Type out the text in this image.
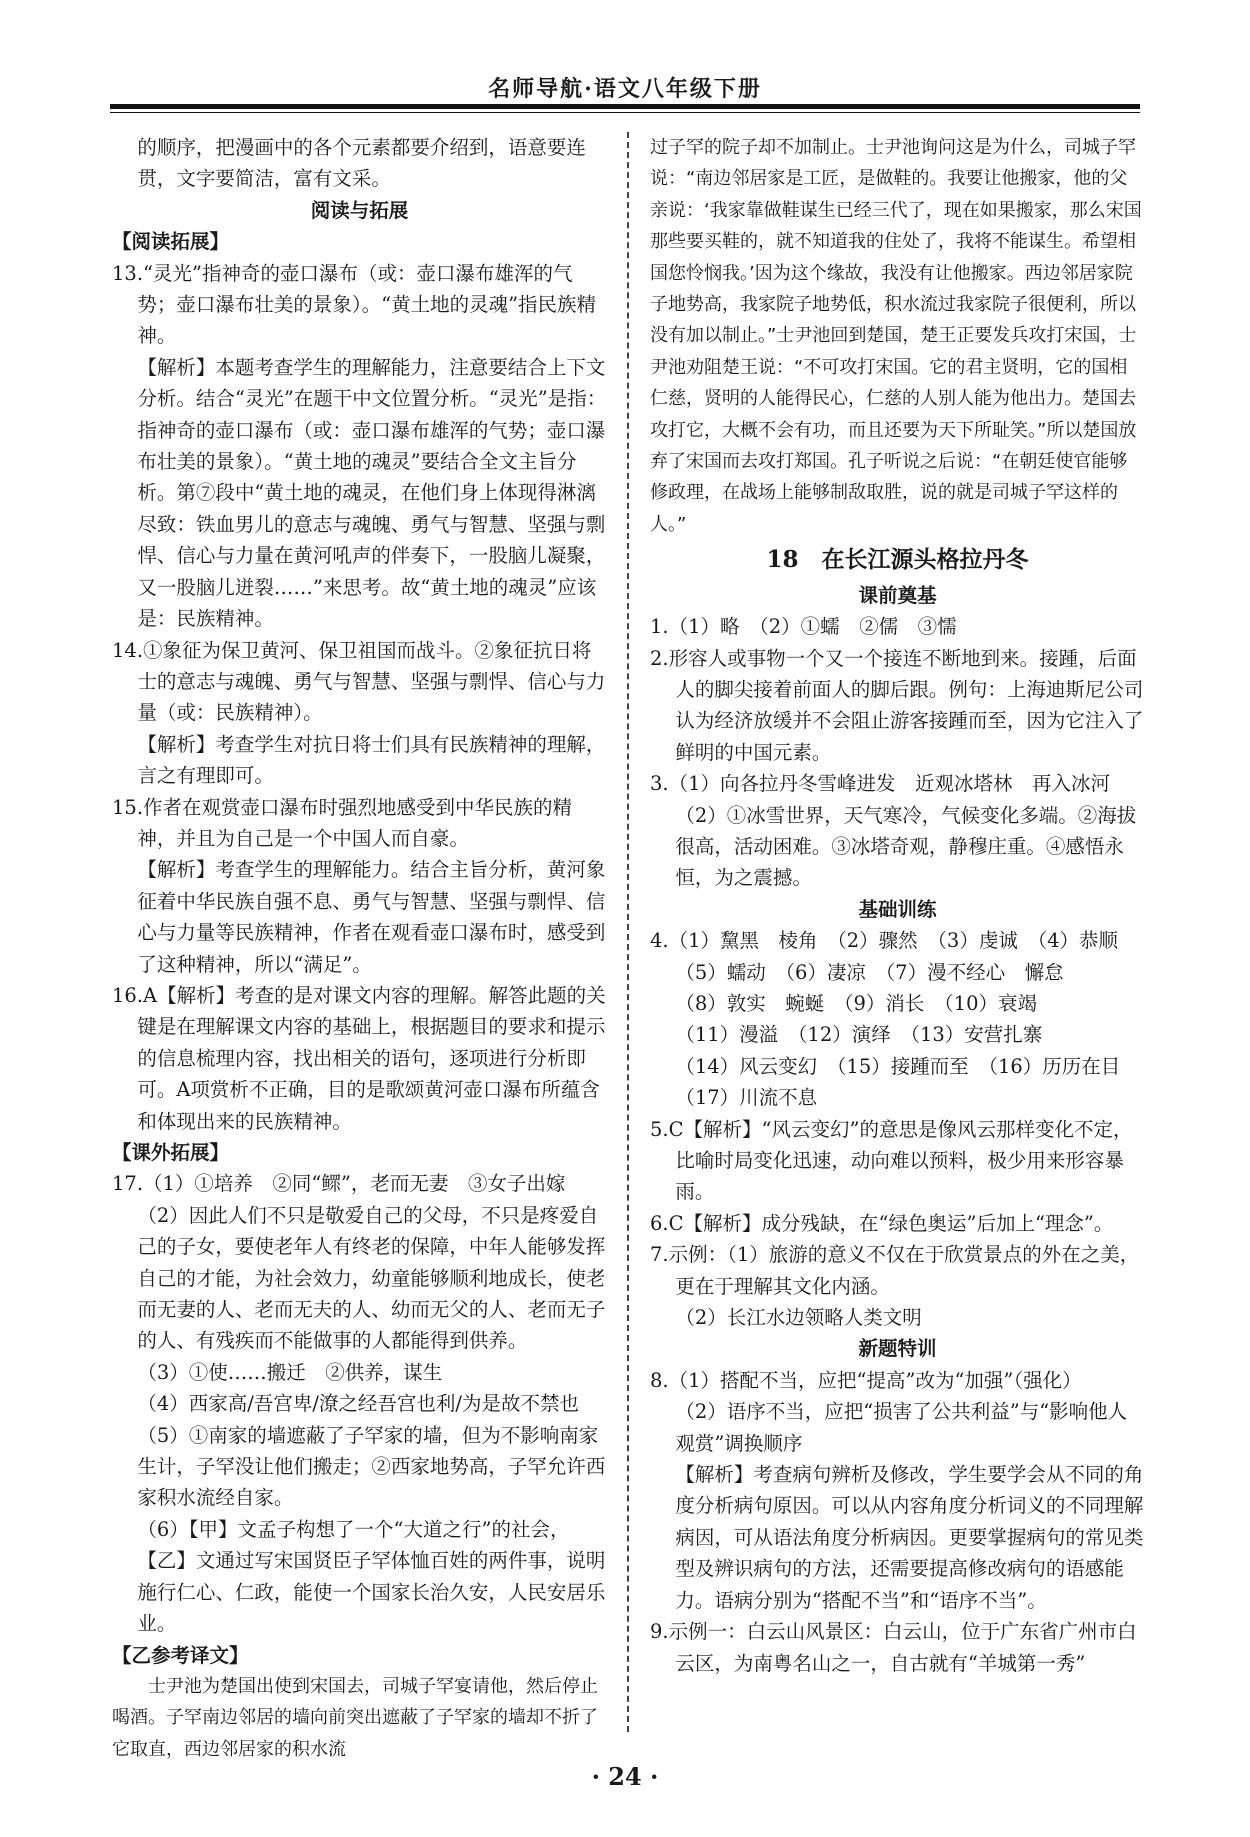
名师导航·语文八年级下册

的顺序，把漫画中的各个元素都要介绍到，语意要连贯，文字要简洁，富有文采。

阅读与拓展

【阅读拓展】

13.“灵光”指神奇的壶口瀑布（或：壶口瀑布雄浑的气势；壶口瀑布壮美的景象）。“黄土地的灵魂”指民族精神。

【解析】本题考查学生的理解能力，注意要结合上下文分析。结合“灵光”在题干中文位置分析。“灵光”是指：指神奇的壶口瀑布（或：壶口瀑布雄浑的气势；壶口瀑布壮美的景象）。“黄土地的魂灵”要结合全文主旨分析。第⑦段中“黄土地的魂灵，在他们身上体现得淋漓尽致：铁血男儿的意志与魂魄、勇气与智慧、坚强与剽悍、信心与力量在黄河吼声的伴奏下，一股脑儿凝聚，又一股脑儿迸裂……”来思考。故“黄土地的魂灵”应该是：民族精神。

14.①象征为保卫黄河、保卫祖国而战斗。②象征抗日将士的意志与魂魄、勇气与智慧、坚强与剽悍、信心与力量（或：民族精神）。

【解析】考查学生对抗日将士们具有民族精神的理解，言之有理即可。

15.作者在观赏壶口瀑布时强烈地感受到中华民族的精神，并且为自己是一个中国人而自豪。

【解析】考查学生的理解能力。结合主旨分析，黄河象征着中华民族自强不息、勇气与智慧、坚强与剽悍、信心与力量等民族精神，作者在观看壶口瀑布时，感受到了这种精神，所以“满足”。

16.A【解析】考查的是对课文内容的理解。解答此题的关键是在理解课文内容的基础上，根据题目的要求和提示的信息梳理内容，找出相关的语句，逐项进行分析即可。A项赏析不正确，目的是歌颂黄河壶口瀑布所蕴含和体现出来的民族精神。

【课外拓展】

17.（1）①培养　②同“鳏”，老而无妻　③女子出嫁

（2）因此人们不只是敬爱自己的父母，不只是疼爱自己的子女，要使老年人有终老的保障，中年人能够发挥自己的才能，为社会效力，幼童能够顺利地成长，使老而无妻的人、老而无夫的人、幼而无父的人、老而无子的人、有残疾而不能做事的人都能得到供养。

（3）①使……搬迁　②供养，谋生

（4）西家高/吾宫卑/潦之经吾宫也利/为是故不禁也

（5）①南家的墙遮蔽了子罕家的墙，但为不影响南家生计，子罕没让他们搬走；②西家地势高，子罕允许西家积水流经自家。

（6）【甲】文孟子构想了一个“大道之行”的社会，【乙】文通过写宋国贤臣子罕体恤百姓的两件事，说明施行仁心、仁政，能使一个国家长治久安，人民安居乐业。

【乙参考译文】

　　士尹池为楚国出使到宋国去，司城子罕宴请他，然后停止喝酒。子罕南边邻居的墙向前突出遮蔽了子罕家的墙却不折了它取直，西边邻居家的积水流

过子罕的院子却不加制止。士尹池询问这是为什么，司城子罕说：“南边邻居家是工匠，是做鞋的。我要让他搬家，他的父亲说：‘我家靠做鞋谋生已经三代了，现在如果搬家，那么宋国那些要买鞋的，就不知道我的住处了，我将不能谋生。希望相国您怜悯我。’因为这个缘故，我没有让他搬家。西边邻居家院子地势高，我家院子地势低，积水流过我家院子很便利，所以没有加以制止。”士尹池回到楚国，楚王正要发兵攻打宋国，士尹池劝阻楚王说：“不可攻打宋国。它的君主贤明，它的国相仁慈，贤明的人能得民心，仁慈的人别人能为他出力。楚国去攻打它，大概不会有功，而且还要为天下所耻笑。”所以楚国放弃了宋国而去攻打郑国。孔子听说之后说：“在朝廷使官能够修政理，在战场上能够制敌取胜，说的就是司城子罕这样的人。”

18　在长江源头格拉丹冬

课前奠基

1.（1）略　（2）①蠕　②儒　③懦

2.形容人或事物一个又一个接连不断地到来。接踵，后面人的脚尖接着前面人的脚后跟。例句：上海迪斯尼公司认为经济放缓并不会阻止游客接踵而至，因为它注入了鲜明的中国元素。

3.（1）向各拉丹冬雪峰进发　近观冰塔林　再入冰河

（2）①冰雪世界，天气寒冷，气候变化多端。②海拔很高，活动困难。③冰塔奇观，静穆庄重。④感悟永恒，为之震撼。

基础训练

4.（1）黧黑　棱角　（2）骤然　（3）虔诚　（4）恭顺

（5）蠕动　（6）凄凉　（7）漫不经心　懈怠

（8）敦实　蜿蜒　（9）消长　（10）衰竭

（11）漫溢　（12）演绎　（13）安营扎寨

（14）风云变幻　（15）接踵而至　（16）历历在目

（17）川流不息

5.C【解析】“风云变幻”的意思是像风云那样变化不定，比喻时局变化迅速，动向难以预料，极少用来形容暴雨。

6.C【解析】成分残缺，在“绿色奥运”后加上“理念”。

7.示例：（1）旅游的意义不仅在于欣赏景点的外在之美，更在于理解其文化内涵。

（2）长江水边领略人类文明

新题特训

8.（1）搭配不当，应把“提高”改为“加强”（强化）

（2）语序不当，应把“损害了公共利益”与“影响他人观赏”调换顺序

【解析】考查病句辨析及修改，学生要学会从不同的角度分析病句原因。可以从内容角度分析词义的不同理解病因，可从语法角度分析病因。更要掌握病句的常见类型及辨识病句的方法，还需要提高修改病句的语感能力。语病分别为“搭配不当”和“语序不当”。

9.示例一：白云山风景区：白云山，位于广东省广州市白云区，为南粤名山之一，自古就有“羊城第一秀”

· 24 ·
